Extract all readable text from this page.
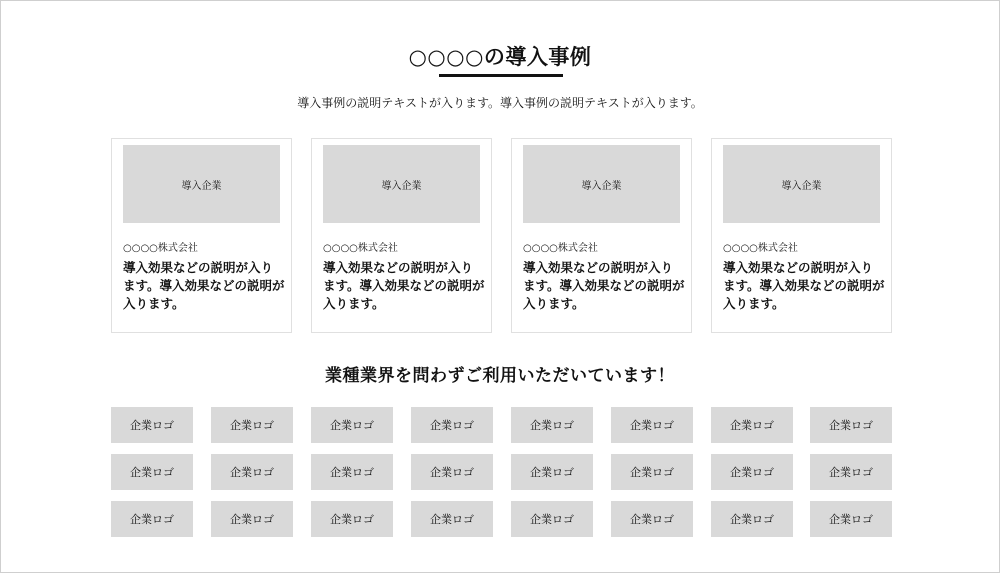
○○○○の導入事例

導入事例の説明テキストが入ります。導入事例の説明テキストが入ります。

導入企業
○○○○株式会社
導入効果などの説明が入ります。導入効果などの説明が入ります。
導入企業
○○○○株式会社
導入効果などの説明が入ります。導入効果などの説明が入ります。
導入企業
○○○○株式会社
導入効果などの説明が入ります。導入効果などの説明が入ります。
導入企業
○○○○株式会社
導入効果などの説明が入ります。導入効果などの説明が入ります。
業種業界を問わずご利用いただいています！
企業ロゴ	企業ロゴ	企業ロゴ	企業ロゴ	企業ロゴ	企業ロゴ	企業ロゴ	企業ロゴ
企業ロゴ	企業ロゴ	企業ロゴ	企業ロゴ	企業ロゴ	企業ロゴ	企業ロゴ	企業ロゴ
企業ロゴ	企業ロゴ	企業ロゴ	企業ロゴ	企業ロゴ	企業ロゴ	企業ロゴ	企業ロゴ
